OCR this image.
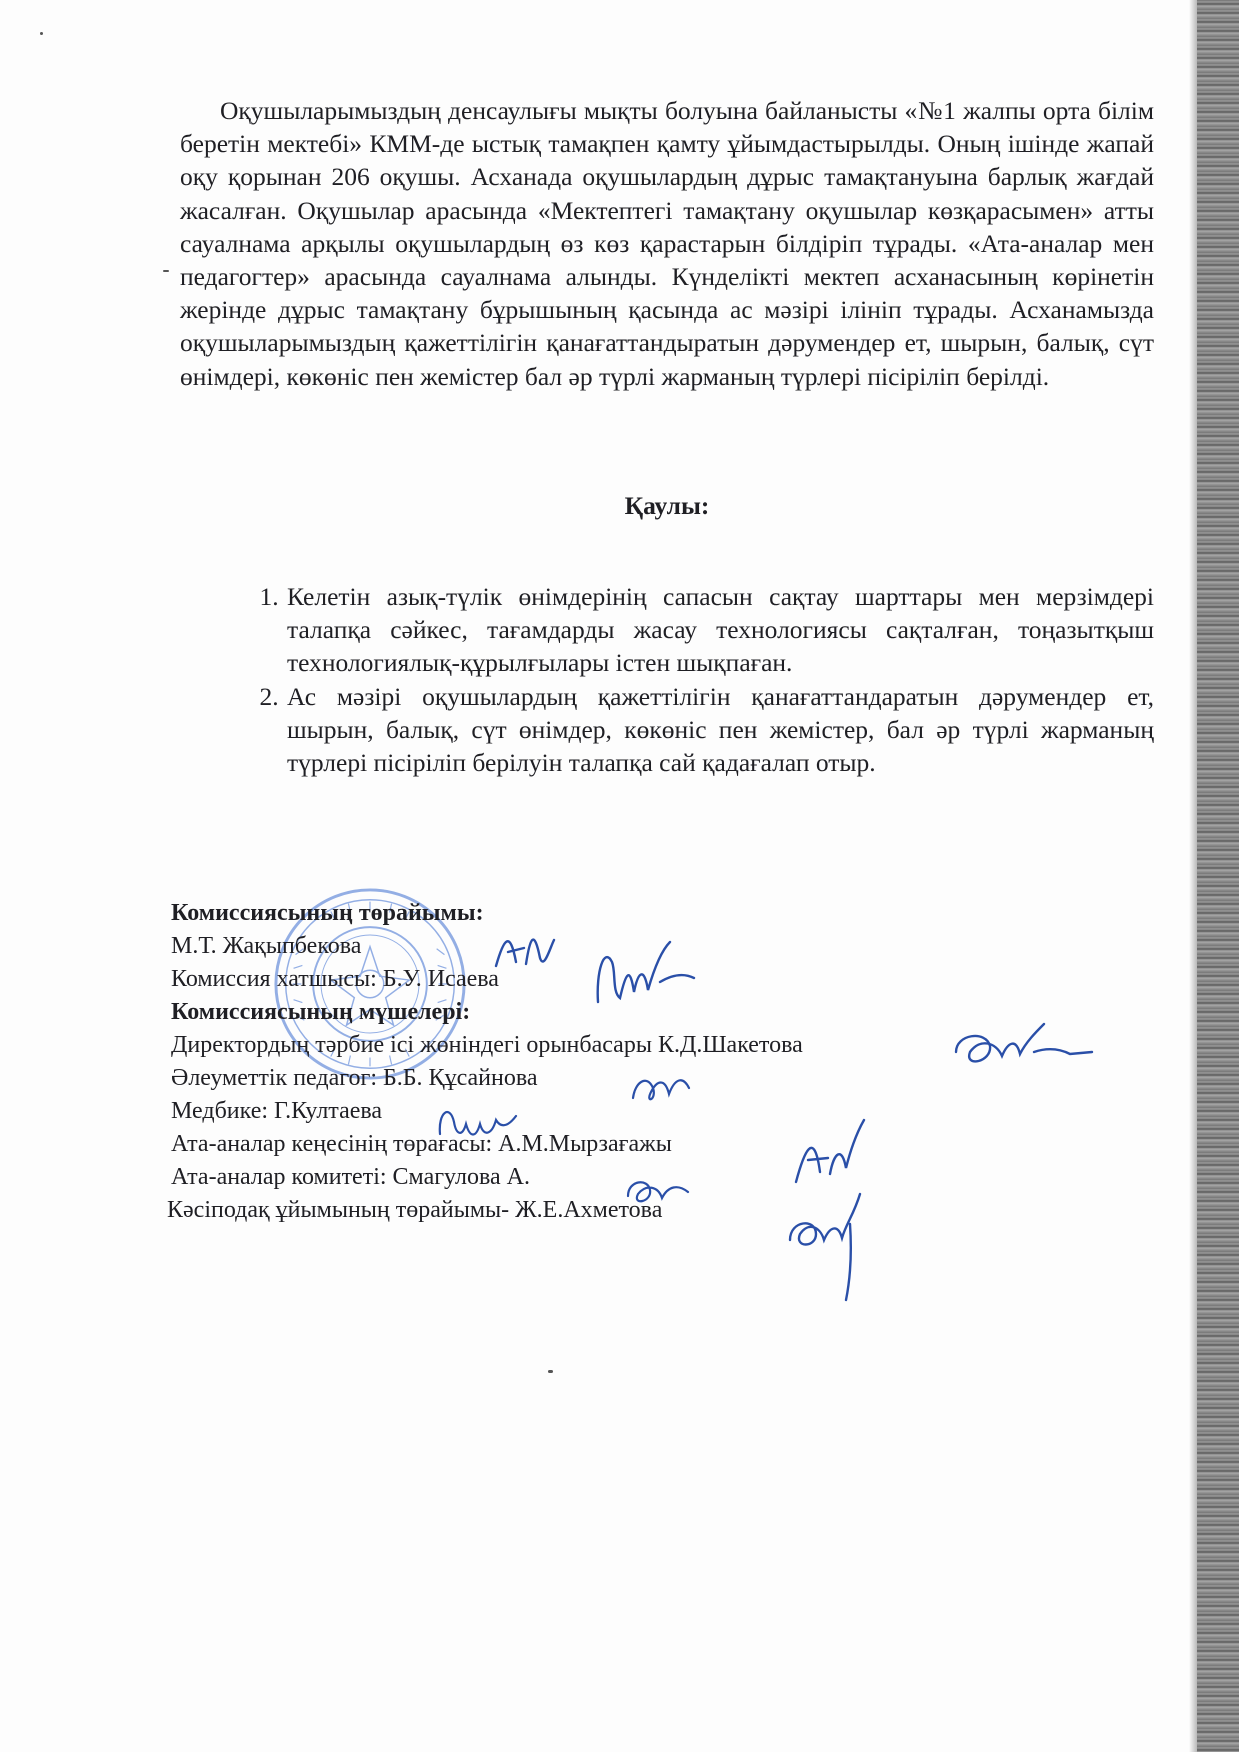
Оқушыларымыздың денсаулығы мықты болуына байланысты «№1 жалпы орта білім беретін мектебі» КММ-де ыстық тамақпен қамту ұйымдастырылды. Оның ішінде жапай оқу қорынан 206 оқушы. Асханада оқушылардың дұрыс тамақтануына барлық жағдай жасалған. Оқушылар арасында «Мектептегі тамақтану оқушылар көзқарасымен» атты сауалнама арқылы оқушылардың өз көз қарастарын білдіріп тұрады. «Ата-аналар мен педагогтер» арасында сауалнама алынды. Күнделікті мектеп асханасының көрінетін жерінде дұрыс тамақтану бұрышының қасында ас мәзірі ілініп тұрады. Асханамызда оқушыларымыздың қажеттілігін қанағаттандыратын дәрумендер ет, шырын, балық, сүт өнімдері, көкөніс пен жемістер бал әр түрлі жарманың түрлері пісіріліп берілді.

Қаулы:

1. Келетін азық-түлік өнімдерінің сапасын сақтау шарттары мен мерзімдері талапқа сәйкес, тағамдарды жасау технологиясы сақталған, тоңазытқыш технологиялық-құрылғылары істен шықпаған.
2. Ас мәзірі оқушылардың қажеттілігін қанағаттандаратын дәрумендер ет, шырын, балық, сүт өнімдер, көкөніс пен жемістер, бал әр түрлі жарманың түрлері пісіріліп берілуін талапқа сай қадағалап отыр.
Комиссиясының төрайымы:
М.Т. Жақыпбекова
Комиссия хатшысы: Б.У. Исаева
Комиссиясының мүшелері:
Директордың тәрбие ісі жөніндегі орынбасары К.Д.Шакетова
Әлеуметтік педагог: Б.Б. Құсайнова
Медбике: Г.Култаева
Ата-аналар кеңесінің төрағасы: А.М.Мырзағажы
Ата-аналар комитеті: Смагулова А.
Кәсіподақ ұйымының төрайымы- Ж.Е.Ахметова
